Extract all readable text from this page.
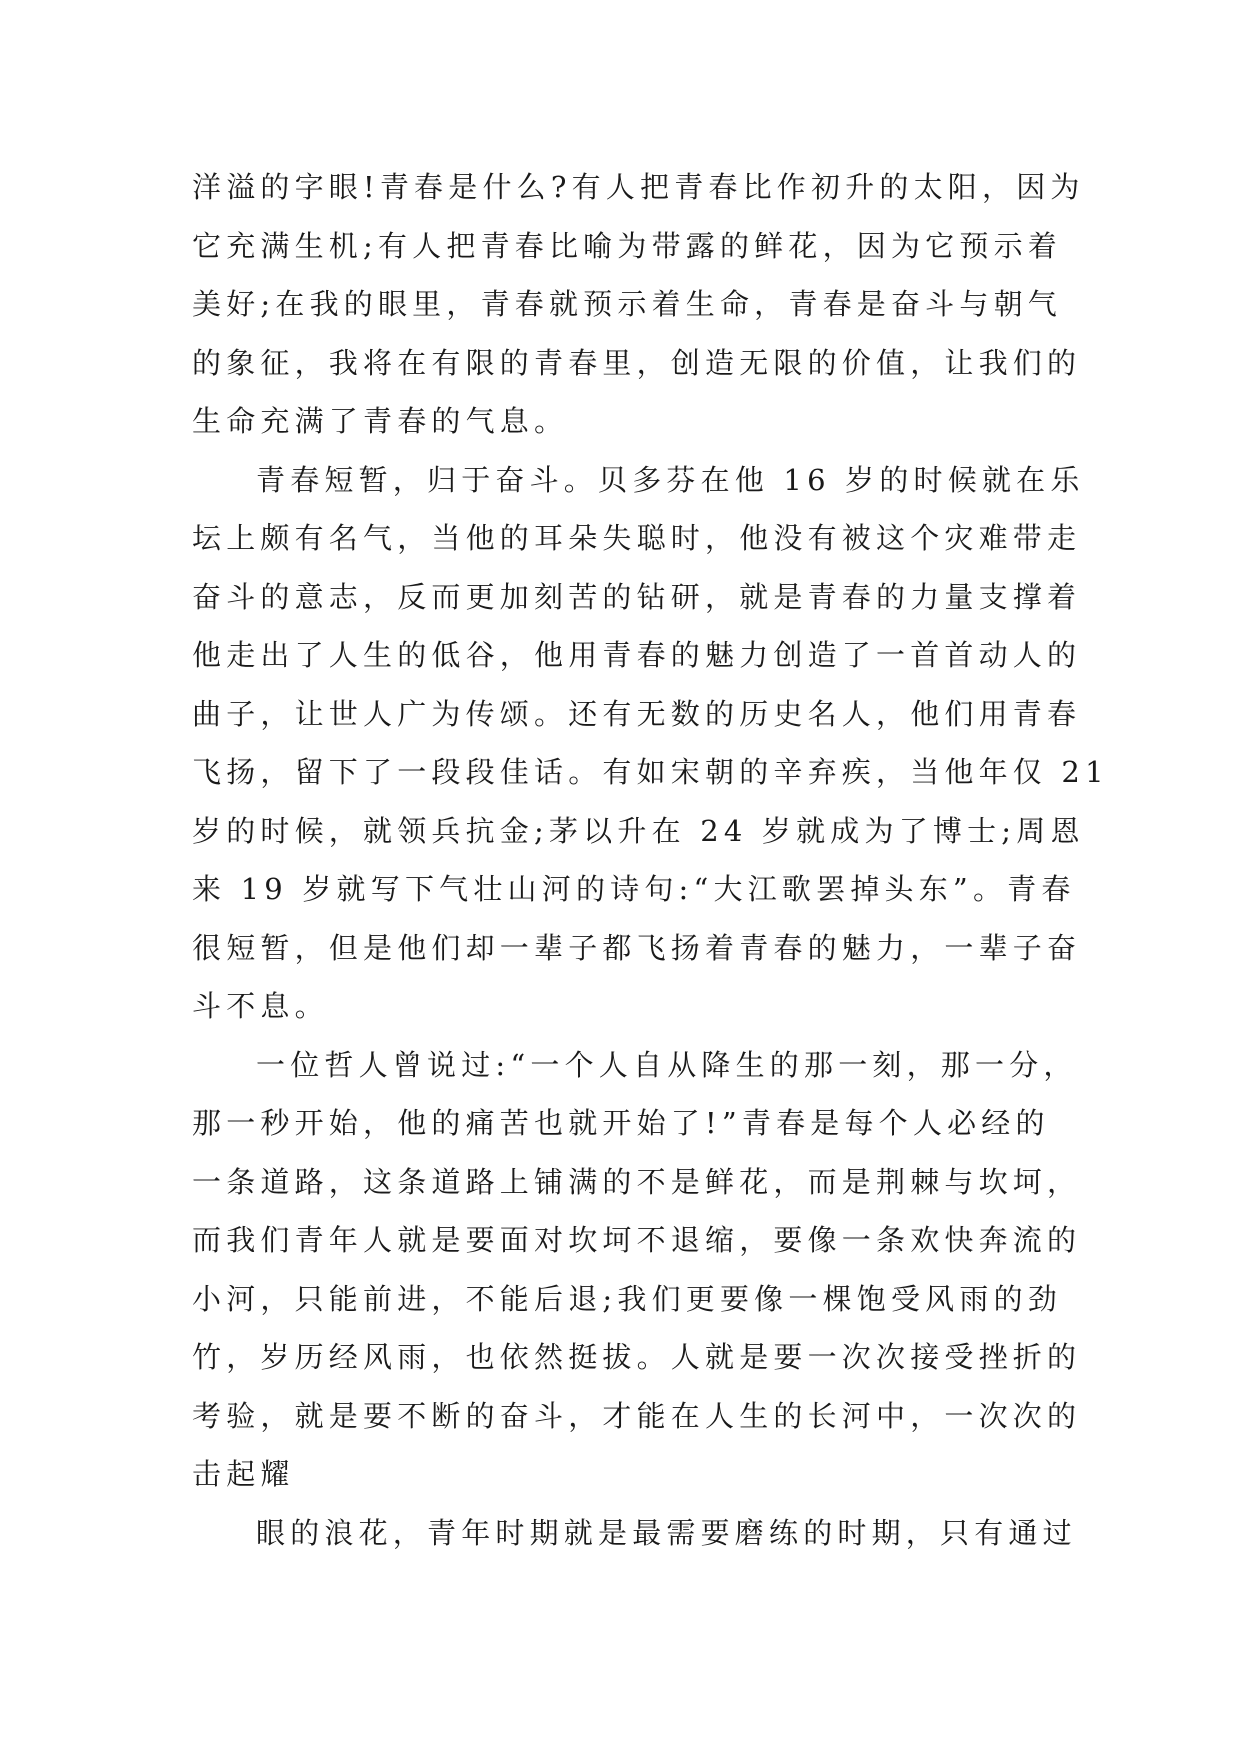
洋溢的字眼!青春是什么?有人把青春比作初升的太阳，因为
它充满生机;有人把青春比喻为带露的鲜花，因为它预示着
美好;在我的眼里，青春就预示着生命，青春是奋斗与朝气
的象征，我将在有限的青春里，创造无限的价值，让我们的
生命充满了青春的气息。
青春短暂，归于奋斗。贝多芬在他 16 岁的时候就在乐
坛上颇有名气，当他的耳朵失聪时，他没有被这个灾难带走
奋斗的意志，反而更加刻苦的钻研，就是青春的力量支撑着
他走出了人生的低谷，他用青春的魅力创造了一首首动人的
曲子，让世人广为传颂。还有无数的历史名人，他们用青春
飞扬，留下了一段段佳话。有如宋朝的辛弃疾，当他年仅 21
岁的时候，就领兵抗金;茅以升在 24 岁就成为了博士;周恩
来 19 岁就写下气壮山河的诗句:“大江歌罢掉头东”。青春
很短暂，但是他们却一辈子都飞扬着青春的魅力，一辈子奋
斗不息。
一位哲人曾说过:“一个人自从降生的那一刻，那一分，
那一秒开始，他的痛苦也就开始了!”青春是每个人必经的
一条道路，这条道路上铺满的不是鲜花，而是荆棘与坎坷，
而我们青年人就是要面对坎坷不退缩，要像一条欢快奔流的
小河，只能前进，不能后退;我们更要像一棵饱受风雨的劲
竹，岁历经风雨，也依然挺拔。人就是要一次次接受挫折的
考验，就是要不断的奋斗，才能在人生的长河中，一次次的
击起耀
眼的浪花，青年时期就是最需要磨练的时期，只有通过
